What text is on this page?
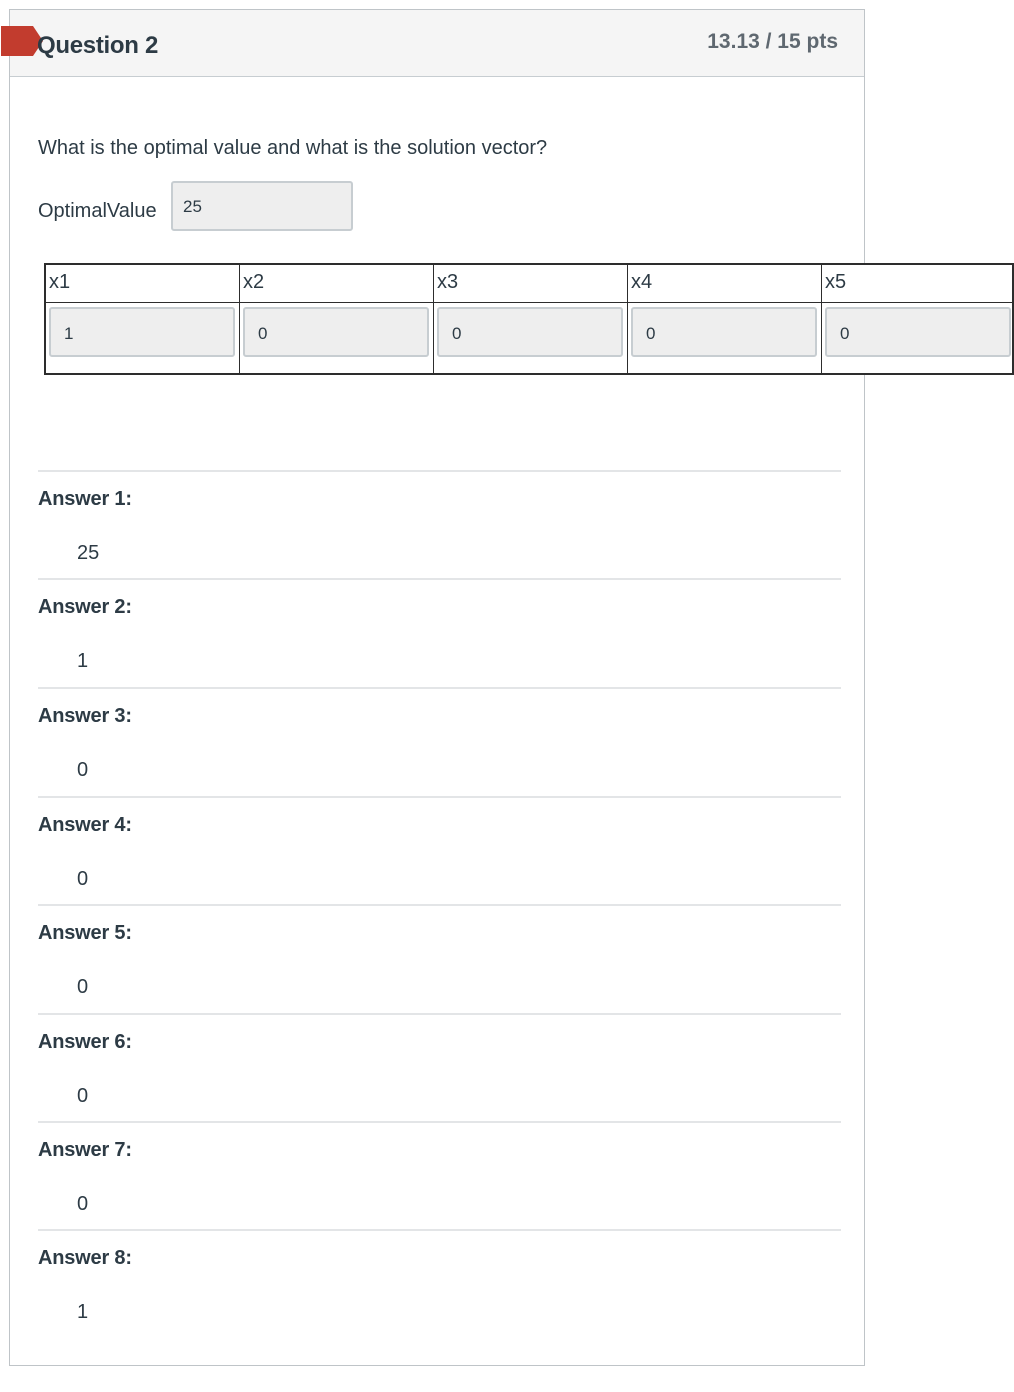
Question 2	13.13 / 15 pts
What is the optimal value and what is the solution vector?
OptimalValue	25
x1	x2	x3	x4	x5
1	0	0	0	0
Answer 1:
25
Answer 2:
1
Answer 3:
0
Answer 4:
0
Answer 5:
0
Answer 6:
0
Answer 7:
0
Answer 8:
1
